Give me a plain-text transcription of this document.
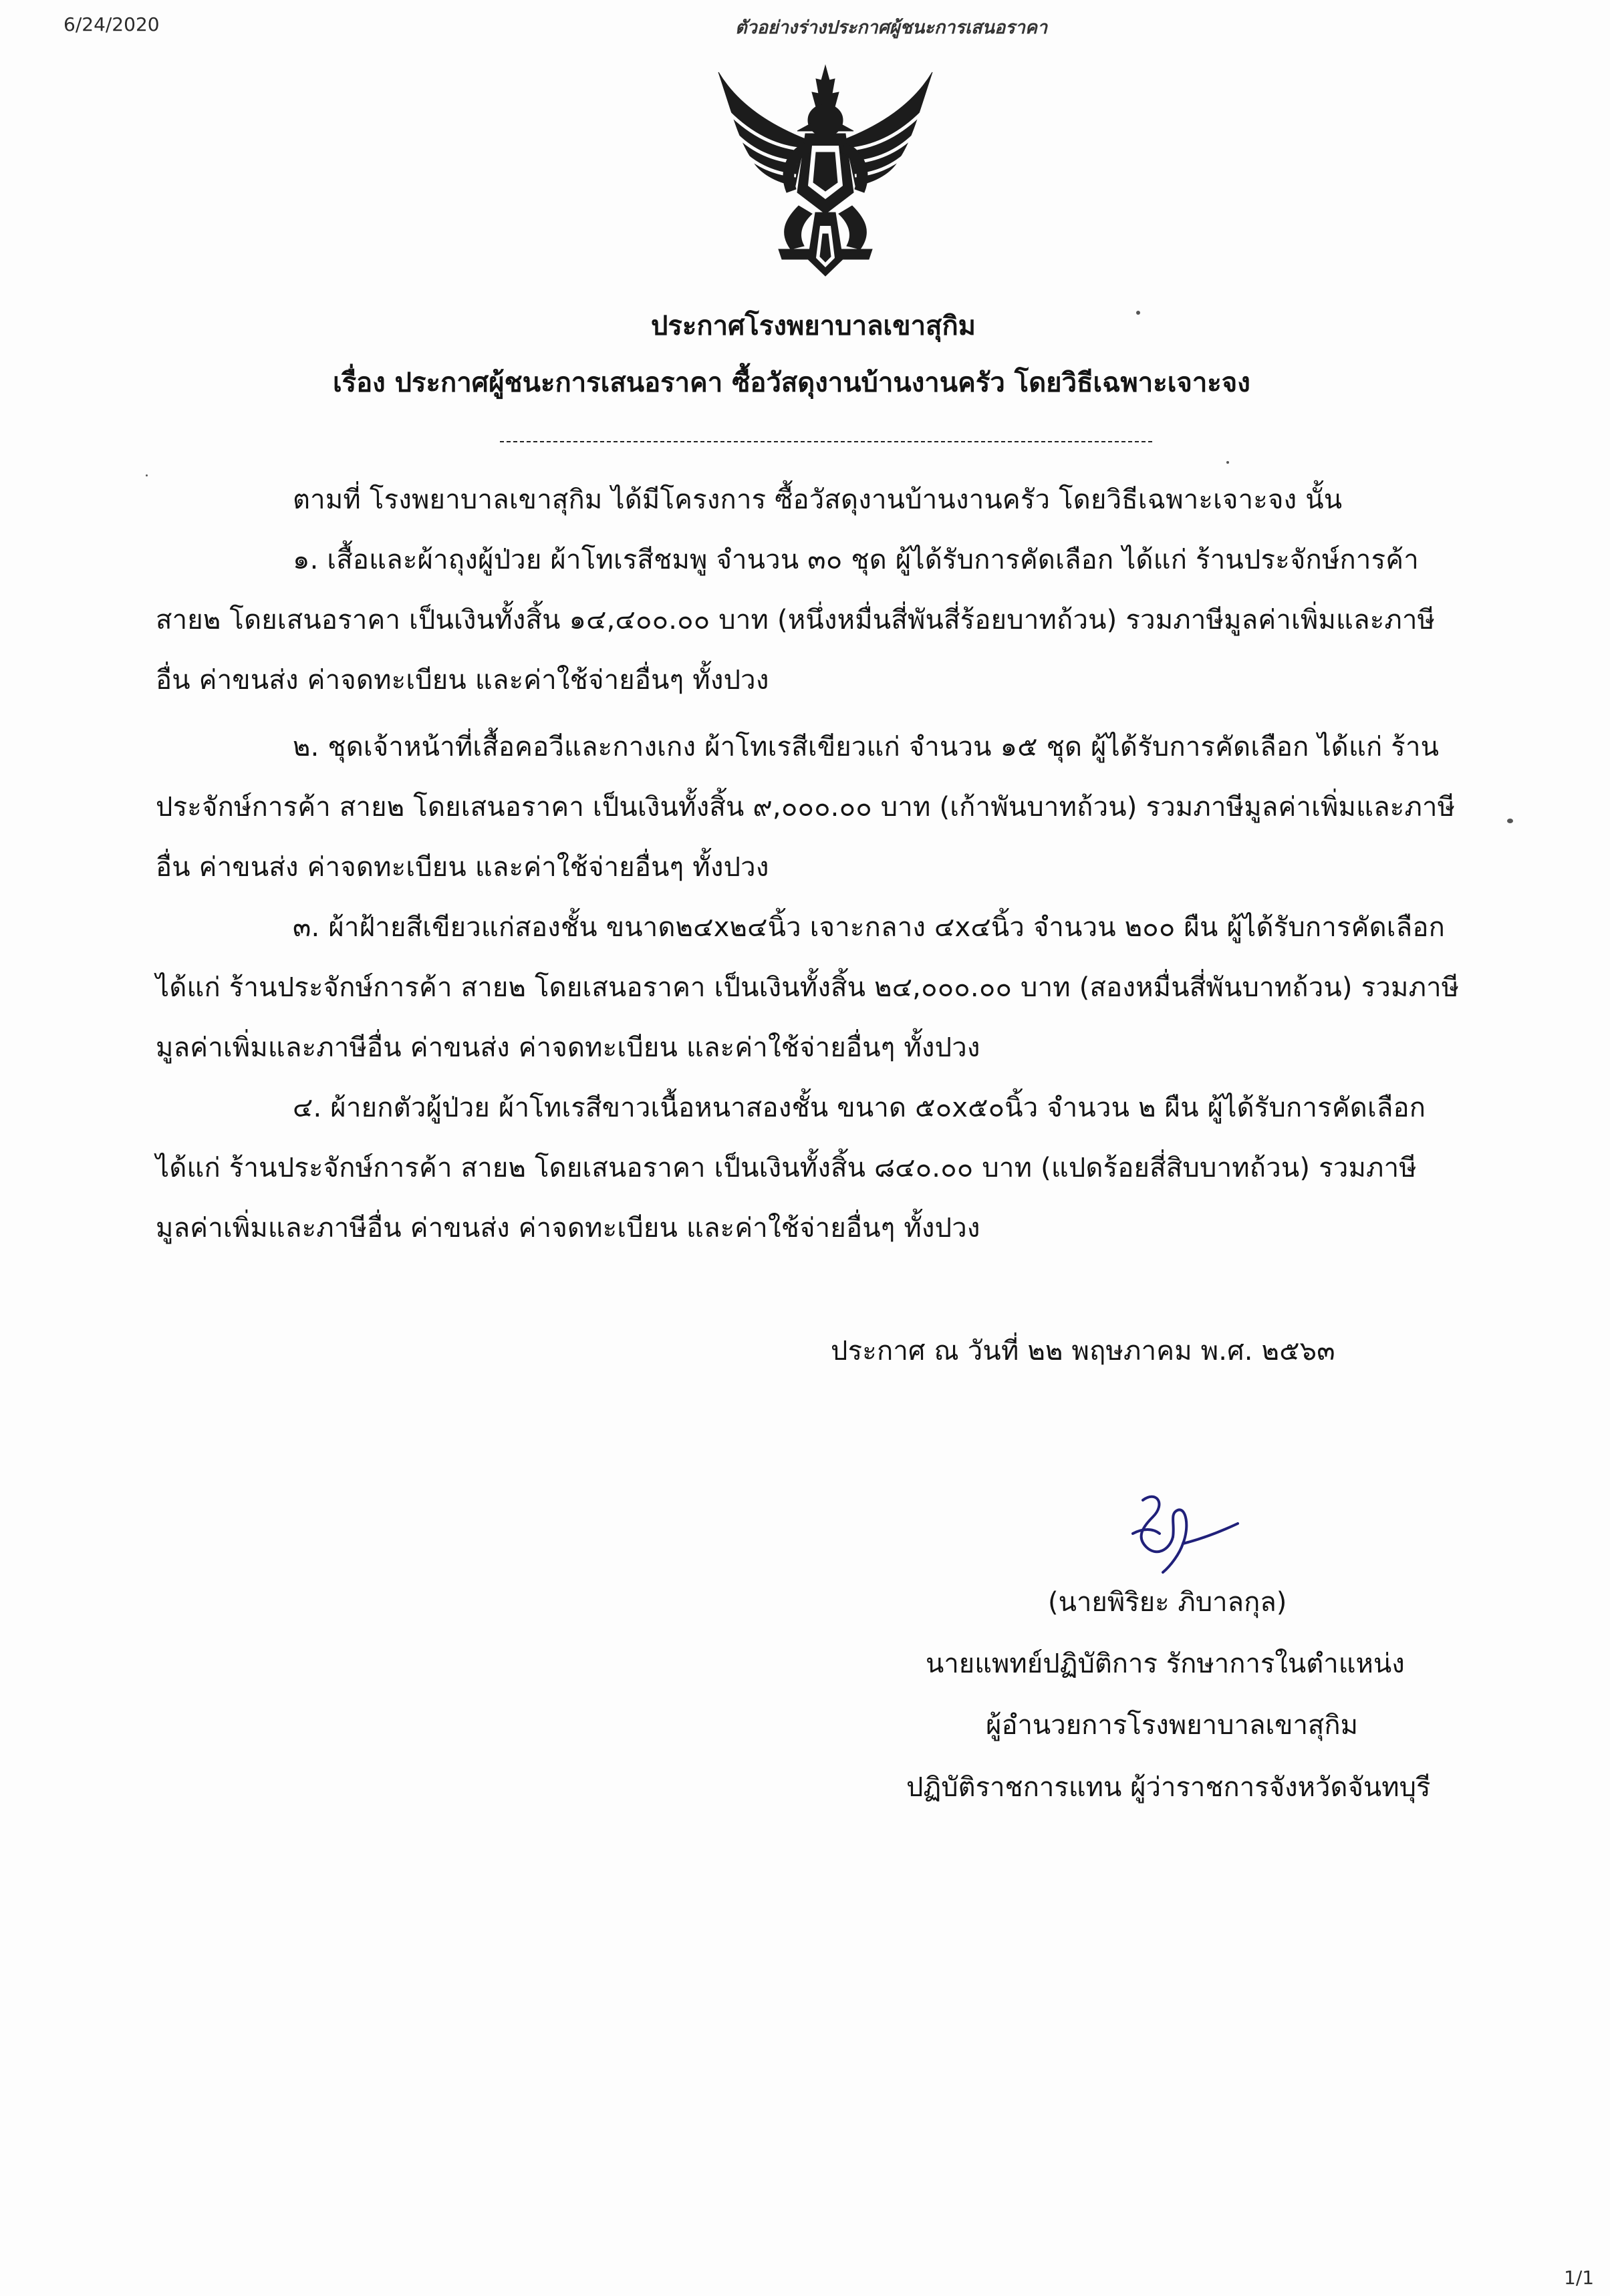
6/24/2020	ตัวอย่างร่างประกาศผู้ชนะการเสนอราคา
ประกาศโรงพยาบาลเขาสุกิม
เรื่อง ประกาศผู้ชนะการเสนอราคา ซื้อวัสดุงานบ้านงานครัว โดยวิธีเฉพาะเจาะจง
ตามที่ โรงพยาบาลเขาสุกิม ได้มีโครงการ ซื้อวัสดุงานบ้านงานครัว โดยวิธีเฉพาะเจาะจง นั้น
๑. เสื้อและผ้าถุงผู้ป่วย ผ้าโทเรสีชมพู จำนวน ๓๐ ชุด ผู้ได้รับการคัดเลือก ได้แก่ ร้านประจักษ์การค้า
สาย๒ โดยเสนอราคา เป็นเงินทั้งสิ้น ๑๔,๔๐๐.๐๐ บาท (หนึ่งหมื่นสี่พันสี่ร้อยบาทถ้วน) รวมภาษีมูลค่าเพิ่มและภาษี
อื่น ค่าขนส่ง ค่าจดทะเบียน และค่าใช้จ่ายอื่นๆ ทั้งปวง
๒. ชุดเจ้าหน้าที่เสื้อคอวีและกางเกง ผ้าโทเรสีเขียวแก่ จำนวน ๑๕ ชุด ผู้ได้รับการคัดเลือก ได้แก่ ร้าน
ประจักษ์การค้า สาย๒ โดยเสนอราคา เป็นเงินทั้งสิ้น ๙,๐๐๐.๐๐ บาท (เก้าพันบาทถ้วน) รวมภาษีมูลค่าเพิ่มและภาษี
อื่น ค่าขนส่ง ค่าจดทะเบียน และค่าใช้จ่ายอื่นๆ ทั้งปวง
๓. ผ้าฝ้ายสีเขียวแก่สองชั้น ขนาด๒๔x๒๔นิ้ว เจาะกลาง ๔x๔นิ้ว จำนวน ๒๐๐ ผืน ผู้ได้รับการคัดเลือก
ได้แก่ ร้านประจักษ์การค้า สาย๒ โดยเสนอราคา เป็นเงินทั้งสิ้น ๒๔,๐๐๐.๐๐ บาท (สองหมื่นสี่พันบาทถ้วน) รวมภาษี
มูลค่าเพิ่มและภาษีอื่น ค่าขนส่ง ค่าจดทะเบียน และค่าใช้จ่ายอื่นๆ ทั้งปวง
๔. ผ้ายกตัวผู้ป่วย ผ้าโทเรสีขาวเนื้อหนาสองชั้น ขนาด ๕๐x๕๐นิ้ว จำนวน ๒ ผืน ผู้ได้รับการคัดเลือก
ได้แก่ ร้านประจักษ์การค้า สาย๒ โดยเสนอราคา เป็นเงินทั้งสิ้น ๘๔๐.๐๐ บาท (แปดร้อยสี่สิบบาทถ้วน) รวมภาษี
มูลค่าเพิ่มและภาษีอื่น ค่าขนส่ง ค่าจดทะเบียน และค่าใช้จ่ายอื่นๆ ทั้งปวง
ประกาศ ณ วันที่ ๒๒ พฤษภาคม พ.ศ. ๒๕๖๓
(นายพิริยะ ภิบาลกุล)
นายแพทย์ปฏิบัติการ รักษาการในตำแหน่ง
ผู้อำนวยการโรงพยาบาลเขาสุกิม
ปฏิบัติราชการแทน ผู้ว่าราชการจังหวัดจันทบุรี
1/1
